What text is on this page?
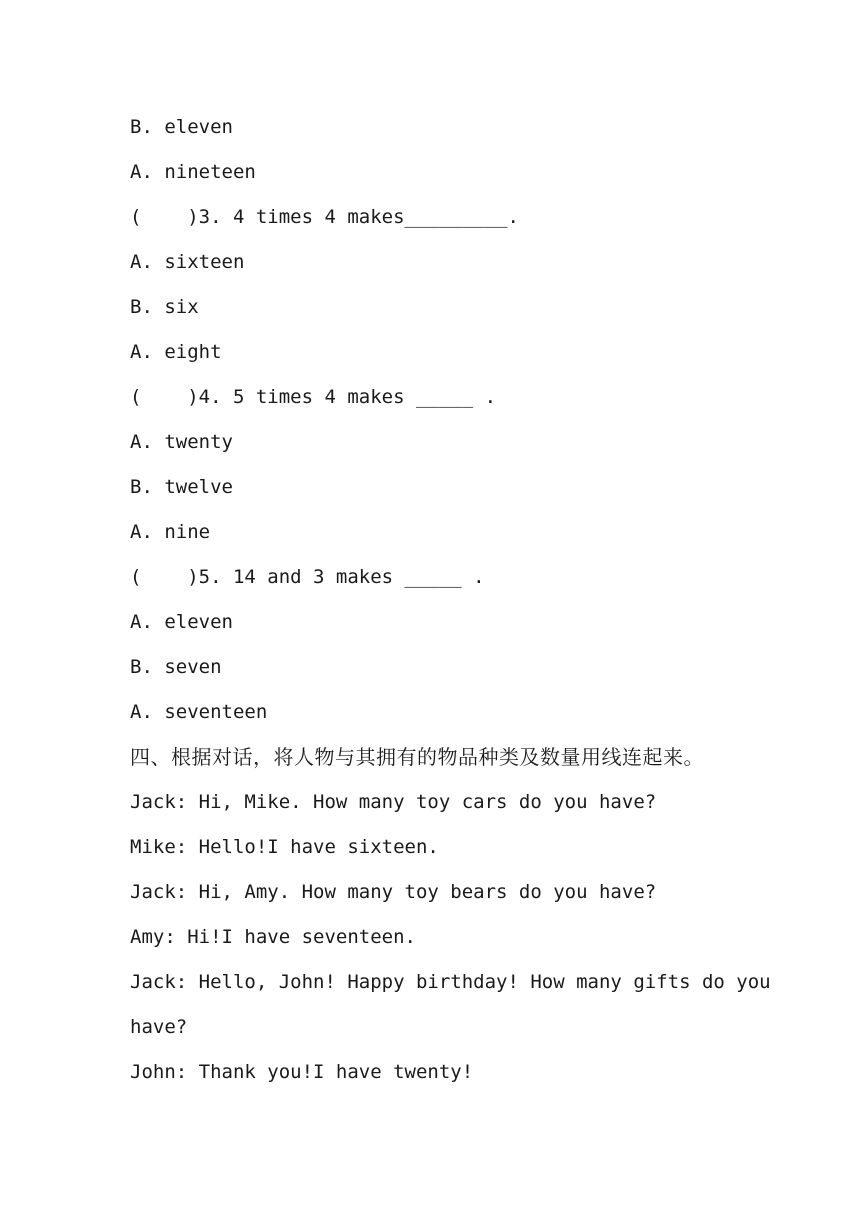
B. eleven
A. nineteen
(    )3. 4 times 4 makes_________.
A. sixteen
B. six
A. eight
(    )4. 5 times 4 makes _____ .
A. twenty
B. twelve
A. nine
(    )5. 14 and 3 makes _____ .
A. eleven
B. seven
A. seventeen
四、根据对话，将人物与其拥有的物品种类及数量用线连起来。
Jack: Hi, Mike. How many toy cars do you have?
Mike: Hello!I have sixteen.
Jack: Hi, Amy. How many toy bears do you have?
Amy: Hi!I have seventeen.
Jack: Hello, John! Happy birthday! How many gifts do you
have?
John: Thank you!I have twenty!
